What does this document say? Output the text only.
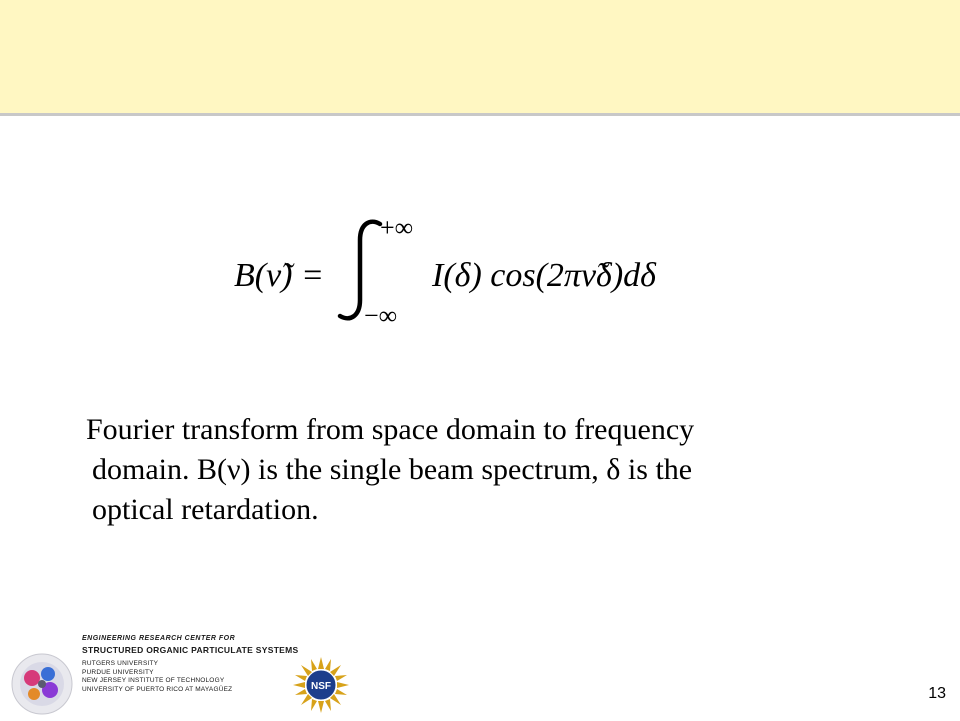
B(ν̃) =
+∞
−∞
I(δ) cos(2πν̃δ)dδ
Fourier transform from space domain to frequency
domain. B(ν) is the single beam spectrum, δ is the
optical retardation.
ENGINEERING RESEARCH CENTER FOR
STRUCTURED ORGANIC PARTICULATE SYSTEMS
RUTGERS UNIVERSITY
PURDUE UNIVERSITY
NEW JERSEY INSTITUTE OF TECHNOLOGY
UNIVERSITY OF PUERTO RICO AT MAYAGÜEZ	NSF	13
